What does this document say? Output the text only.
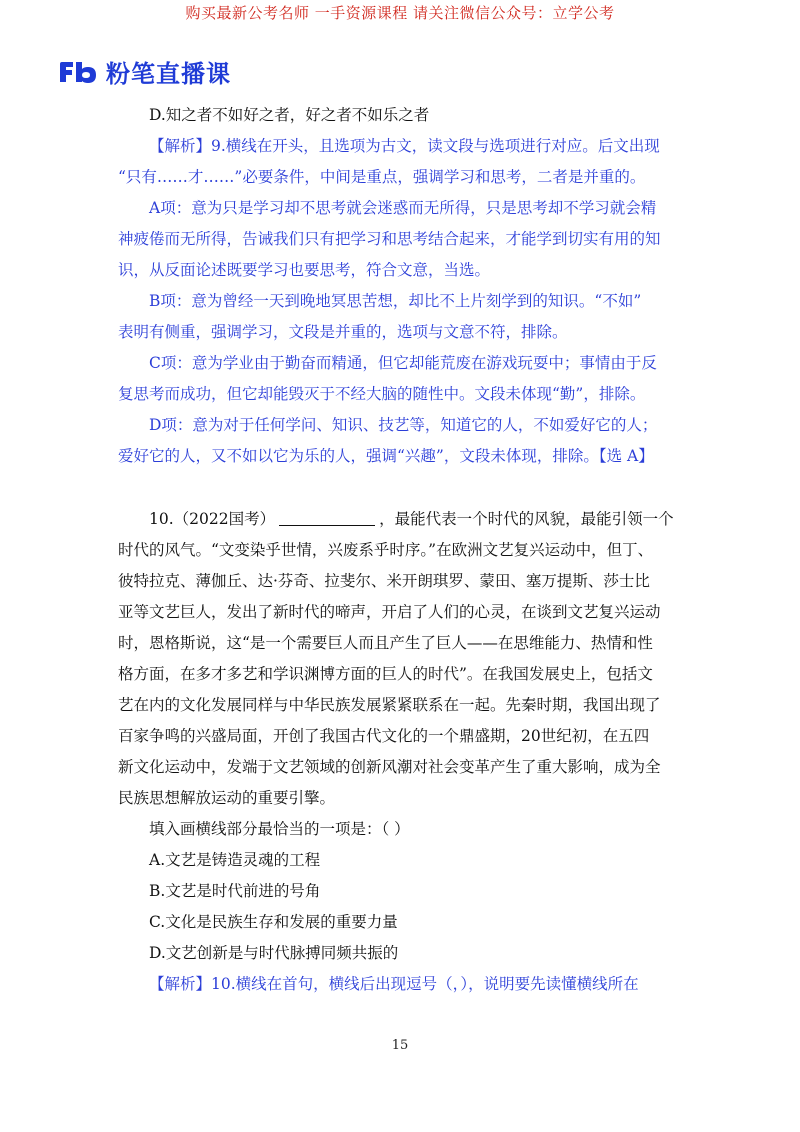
购买最新公考名师 一手资源课程 请关注微信公众号：立学公考
粉笔直播课
D.知之者不如好之者，好之者不如乐之者
【解析】9.横线在开头，且选项为古文，读文段与选项进行对应。后文出现
“只有……才……”必要条件，中间是重点，强调学习和思考，二者是并重的。
A项：意为只是学习却不思考就会迷惑而无所得，只是思考却不学习就会精
神疲倦而无所得，告诫我们只有把学习和思考结合起来，才能学到切实有用的知
识，从反面论述既要学习也要思考，符合文意，当选。
B项：意为曾经一天到晚地冥思苦想，却比不上片刻学到的知识。“不如”
表明有侧重，强调学习，文段是并重的，选项与文意不符，排除。
C项：意为学业由于勤奋而精通，但它却能荒废在游戏玩耍中；事情由于反
复思考而成功，但它却能毁灭于不经大脑的随性中。文段未体现“勤”，排除。
D项：意为对于任何学问、知识、技艺等，知道它的人，不如爱好它的人；
爱好它的人，又不如以它为乐的人，强调“兴趣”，文段未体现，排除。【选 A】
10.（2022国考）	，最能代表一个时代的风貌，最能引领一个
时代的风气。“文变染乎世情，兴废系乎时序。”在欧洲文艺复兴运动中，但丁、
彼特拉克、薄伽丘、达·芬奇、拉斐尔、米开朗琪罗、蒙田、塞万提斯、莎士比
亚等文艺巨人，发出了新时代的啼声，开启了人们的心灵，在谈到文艺复兴运动
时，恩格斯说，这“是一个需要巨人而且产生了巨人——在思维能力、热情和性
格方面，在多才多艺和学识渊博方面的巨人的时代”。在我国发展史上，包括文
艺在内的文化发展同样与中华民族发展紧紧联系在一起。先秦时期，我国出现了
百家争鸣的兴盛局面，开创了我国古代文化的一个鼎盛期，20世纪初，在五四
新文化运动中，发端于文艺领域的创新风潮对社会变革产生了重大影响，成为全
民族思想解放运动的重要引擎。
填入画横线部分最恰当的一项是：（ ）
A.文艺是铸造灵魂的工程
B.文艺是时代前进的号角
C.文化是民族生存和发展的重要力量
D.文艺创新是与时代脉搏同频共振的
【解析】10.横线在首句，横线后出现逗号（，），说明要先读懂横线所在
15
